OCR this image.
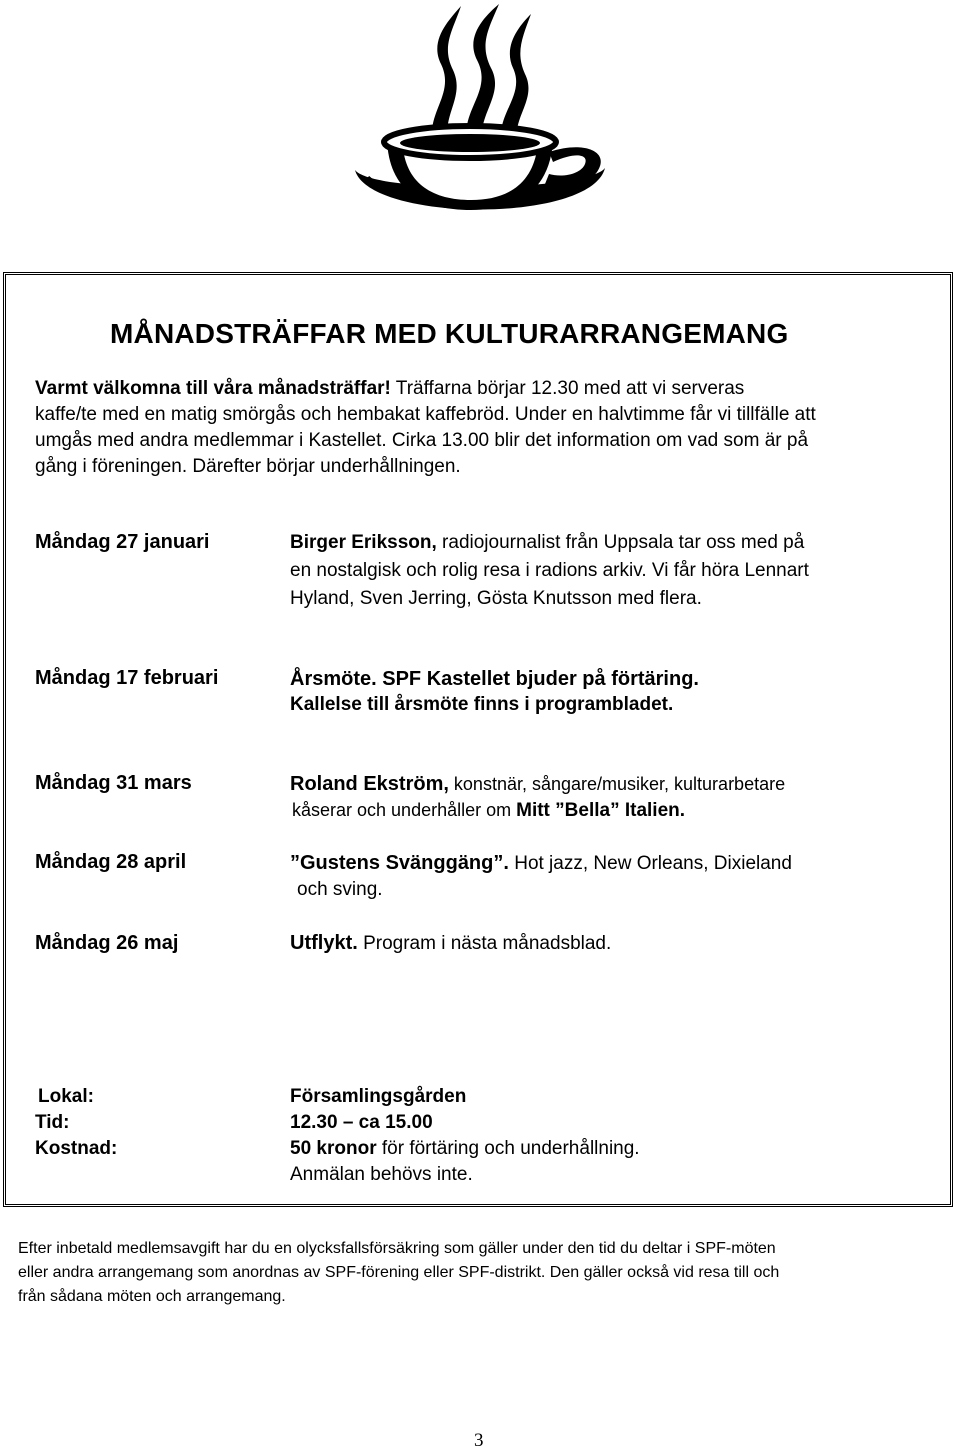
MÅNADSTRÄFFAR MED KULTURARRANGEMANG
Varmt välkomna till våra månadsträffar! Träffarna börjar 12.30 med att vi serveras
kaffe/te med en matig smörgås och hembakat kaffebröd. Under en halvtimme får vi tillfälle att
umgås med andra medlemmar i Kastellet. Cirka 13.00 blir det information om vad som är på
gång i föreningen. Därefter börjar underhållningen.
Måndag 27 januari	Birger Eriksson, radiojournalist från Uppsala tar oss med på
en nostalgisk och rolig resa i radions arkiv. Vi får höra Lennart
Hyland, Sven Jerring, Gösta Knutsson med flera.
Måndag 17 februari	Årsmöte. SPF Kastellet bjuder på förtäring.
Kallelse till årsmöte finns i programbladet.
Måndag 31 mars	Roland Ekström, konstnär, sångare/musiker, kulturarbetare
kåserar och underhåller om Mitt ”Bella” Italien.
Måndag 28 april	”Gustens Svänggäng”. Hot jazz, New Orleans, Dixieland
och sving.
Måndag 26 maj	Utflykt. Program i nästa månadsblad.
Lokal:	Församlingsgården
Tid:	12.30 – ca 15.00
Kostnad:	50 kronor för förtäring och underhållning.
Anmälan behövs inte.
Efter inbetald medlemsavgift har du en olycksfallsförsäkring som gäller under den tid du deltar i SPF-möten
eller andra arrangemang som anordnas av SPF-förening eller SPF-distrikt. Den gäller också vid resa till och
från sådana möten och arrangemang.
3
